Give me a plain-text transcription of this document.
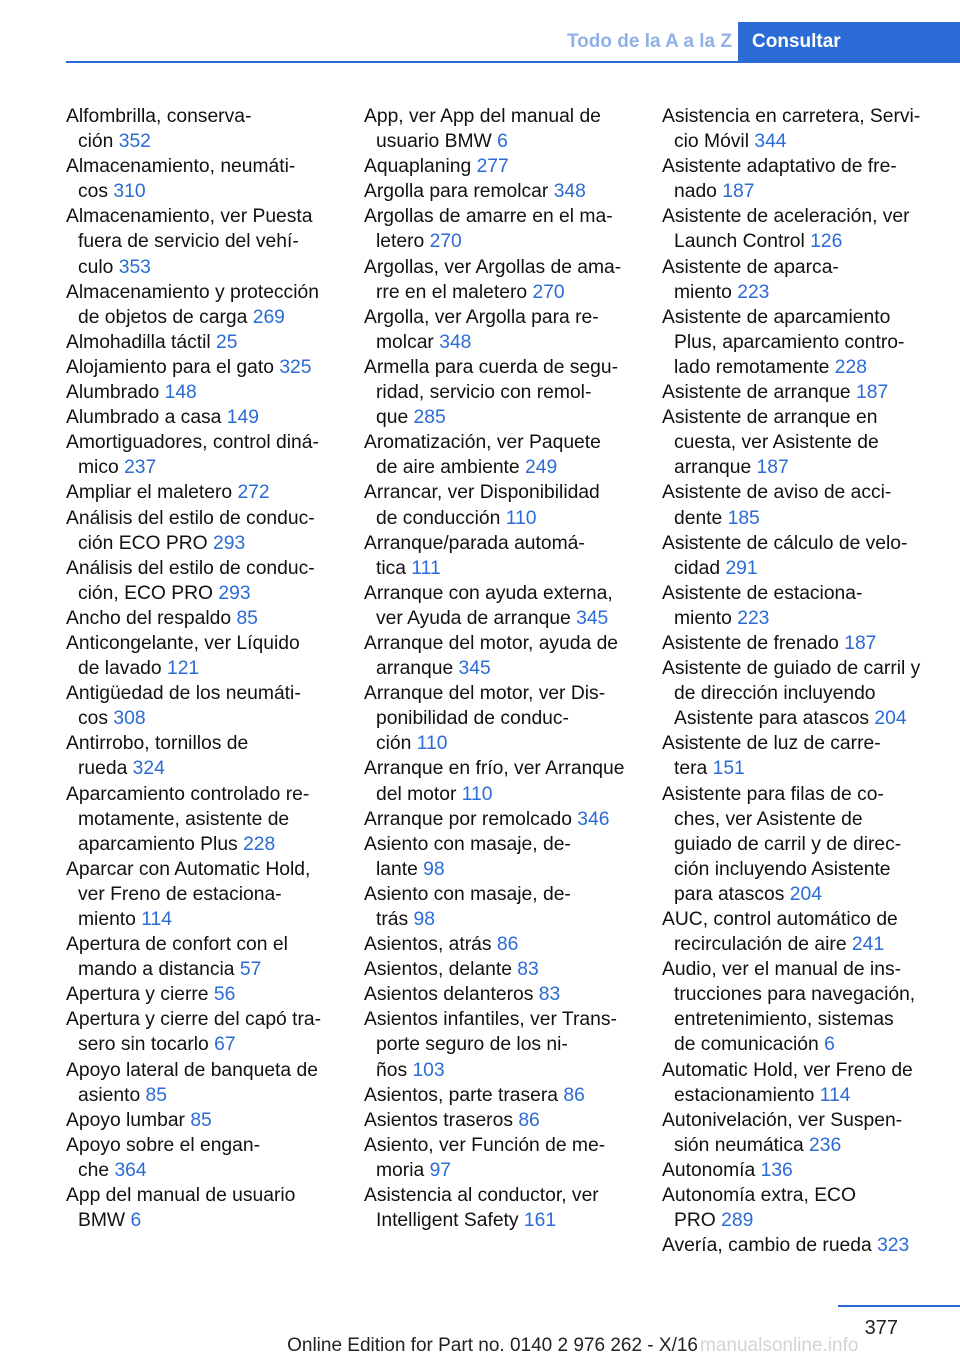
Todo de la A a la Z	Consultar
Alfombrilla, conserva-
ción 352
Almacenamiento, neumáti-
cos 310
Almacenamiento, ver Puesta
fuera de servicio del vehí-
culo 353
Almacenamiento y protección
de objetos de carga 269
Almohadilla táctil 25
Alojamiento para el gato 325
Alumbrado 148
Alumbrado a casa 149
Amortiguadores, control diná-
mico 237
Ampliar el maletero 272
Análisis del estilo de conduc-
ción ECO PRO 293
Análisis del estilo de conduc-
ción, ECO PRO 293
Ancho del respaldo 85
Anticongelante, ver Líquido
de lavado 121
Antigüedad de los neumáti-
cos 308
Antirrobo, tornillos de
rueda 324
Aparcamiento controlado re-
motamente, asistente de
aparcamiento Plus 228
Aparcar con Automatic Hold,
ver Freno de estaciona-
miento 114
Apertura de confort con el
mando a distancia 57
Apertura y cierre 56
Apertura y cierre del capó tra-
sero sin tocarlo 67
Apoyo lateral de banqueta de
asiento 85
Apoyo lumbar 85
Apoyo sobre el engan-
che 364
App del manual de usuario
BMW 6
App, ver App del manual de
usuario BMW 6
Aquaplaning 277
Argolla para remolcar 348
Argollas de amarre en el ma-
letero 270
Argollas, ver Argollas de ama-
rre en el maletero 270
Argolla, ver Argolla para re-
molcar 348
Armella para cuerda de segu-
ridad, servicio con remol-
que 285
Aromatización, ver Paquete
de aire ambiente 249
Arrancar, ver Disponibilidad
de conducción 110
Arranque/parada automá-
tica 111
Arranque con ayuda externa,
ver Ayuda de arranque 345
Arranque del motor, ayuda de
arranque 345
Arranque del motor, ver Dis-
ponibilidad de conduc-
ción 110
Arranque en frío, ver Arranque
del motor 110
Arranque por remolcado 346
Asiento con masaje, de-
lante 98
Asiento con masaje, de-
trás 98
Asientos, atrás 86
Asientos, delante 83
Asientos delanteros 83
Asientos infantiles, ver Trans-
porte seguro de los ni-
ños 103
Asientos, parte trasera 86
Asientos traseros 86
Asiento, ver Función de me-
moria 97
Asistencia al conductor, ver
Intelligent Safety 161
Asistencia en carretera, Servi-
cio Móvil 344
Asistente adaptativo de fre-
nado 187
Asistente de aceleración, ver
Launch Control 126
Asistente de aparca-
miento 223
Asistente de aparcamiento
Plus, aparcamiento contro-
lado remotamente 228
Asistente de arranque 187
Asistente de arranque en
cuesta, ver Asistente de
arranque 187
Asistente de aviso de acci-
dente 185
Asistente de cálculo de velo-
cidad 291
Asistente de estaciona-
miento 223
Asistente de frenado 187
Asistente de guiado de carril y
de dirección incluyendo
Asistente para atascos 204
Asistente de luz de carre-
tera 151
Asistente para filas de co-
ches, ver Asistente de
guiado de carril y de direc-
ción incluyendo Asistente
para atascos 204
AUC, control automático de
recirculación de aire 241
Audio, ver el manual de ins-
trucciones para navegación,
entretenimiento, sistemas
de comunicación 6
Automatic Hold, ver Freno de
estacionamiento 114
Autonivelación, ver Suspen-
sión neumática 236
Autonomía 136
Autonomía extra, ECO
PRO 289
Avería, cambio de rueda 323
377
Online Edition for Part no. 0140 2 976 262 - X/16 manualsonline.info
